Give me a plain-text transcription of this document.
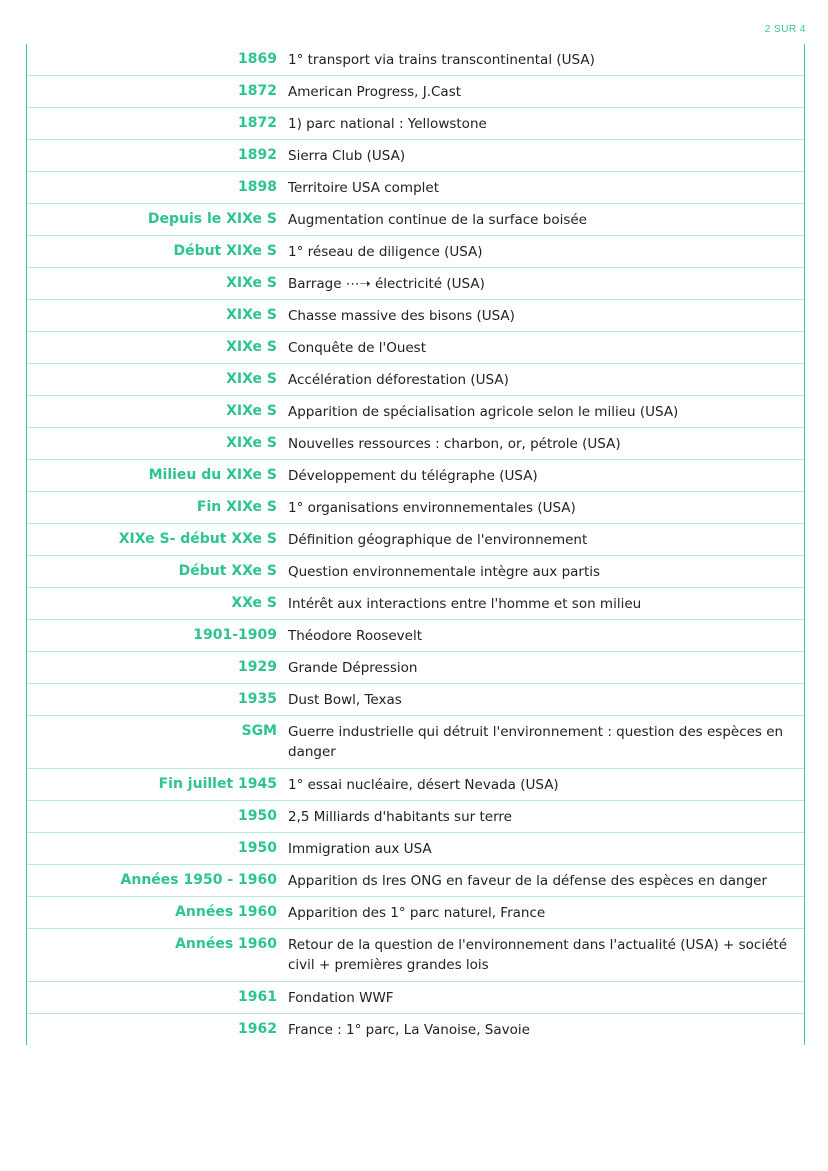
2 SUR 4
1869 1° transport via trains transcontinental (USA)
1872 American Progress, J.Cast
1872 1) parc national : Yellowstone
1892 Sierra Club (USA)
1898 Territoire USA complet
Depuis le XIXe S Augmentation continue de la surface boisée
Début XIXe S 1° réseau de diligence (USA)
XIXe S Barrage ⋯➝ électricité (USA)
XIXe S Chasse massive des bisons (USA)
XIXe S Conquête de l'Ouest
XIXe S Accélération déforestation (USA)
XIXe S Apparition de spécialisation agricole selon le milieu (USA)
XIXe S Nouvelles ressources : charbon, or, pétrole (USA)
Milieu du XIXe S Développement du télégraphe (USA)
Fin XIXe S 1° organisations environnementales (USA)
XIXe S- début XXe S Définition géographique de l'environnement
Début XXe S Question environnementale intègre aux partis
XXe S Intérêt aux interactions entre l'homme et son milieu
1901-1909 Théodore Roosevelt
1929 Grande Dépression
1935 Dust Bowl, Texas
SGM Guerre industrielle qui détruit l'environnement : question des espèces en danger
Fin juillet 1945 1° essai nucléaire, désert Nevada (USA)
1950 2,5 Milliards d'habitants sur terre
1950 Immigration aux USA
Années 1950 - 1960 Apparition ds lres ONG en faveur de la défense des espèces en danger
Années 1960 Apparition des 1° parc naturel, France
Années 1960 Retour de la question de l'environnement dans l'actualité (USA) + société civil + premières grandes lois
1961 Fondation WWF
1962 France : 1° parc, La Vanoise, Savoie
